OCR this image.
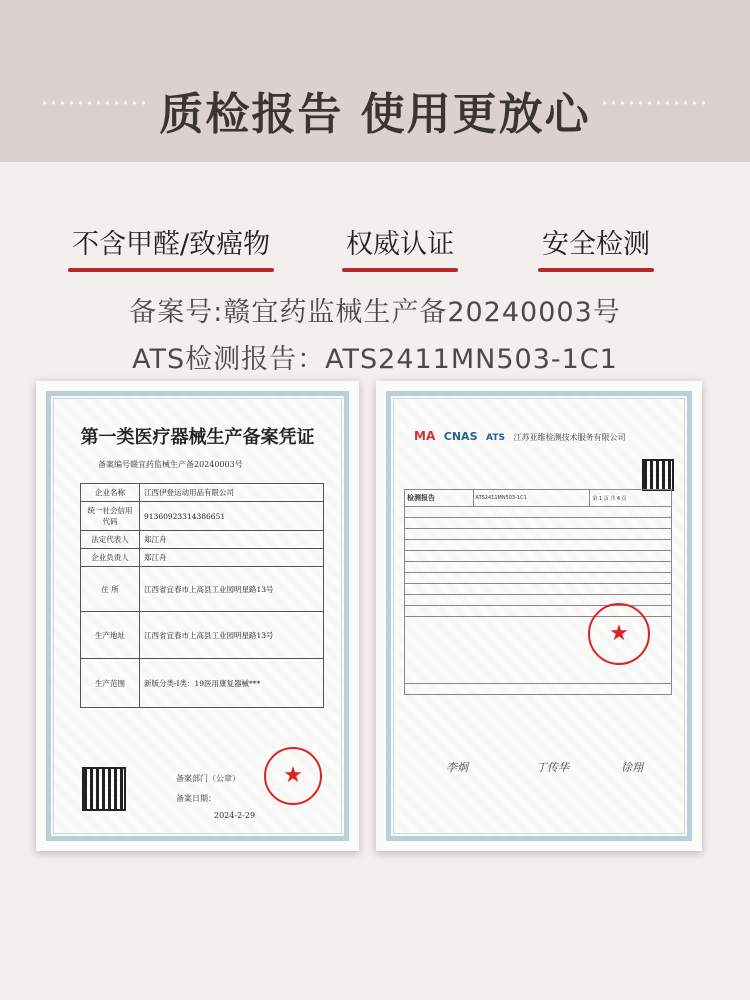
质检报告 使用更放心
不含甲醛/致癌物	权威认证	安全检测
备案号:赣宜药监械生产备20240003号
ATS检测报告：ATS2411MN503-1C1
第一类医疗器械生产备案凭证
备案编号赣宜药监械生产备20240003号
企业名称	江西伊登运动用品有限公司
统一社会信用代码	91360923314386651
法定代表人	郑江舟
企业负责人	郑江舟
住 所	江西省宜春市上高县工业园明星路13号
生产地址	江西省宜春市上高县工业园明星路13号
生产范围	新版分类-Ⅰ类：19医用康复器械***
备案部门（公章）
备案日期：
2024-2-29
★
MA CNAS ATS 江苏亚维检测技术服务有限公司
检测报告	ATS2411MN503-1C1	第 1 页 共 4 页

★
李炯	丁传华	徐翔
